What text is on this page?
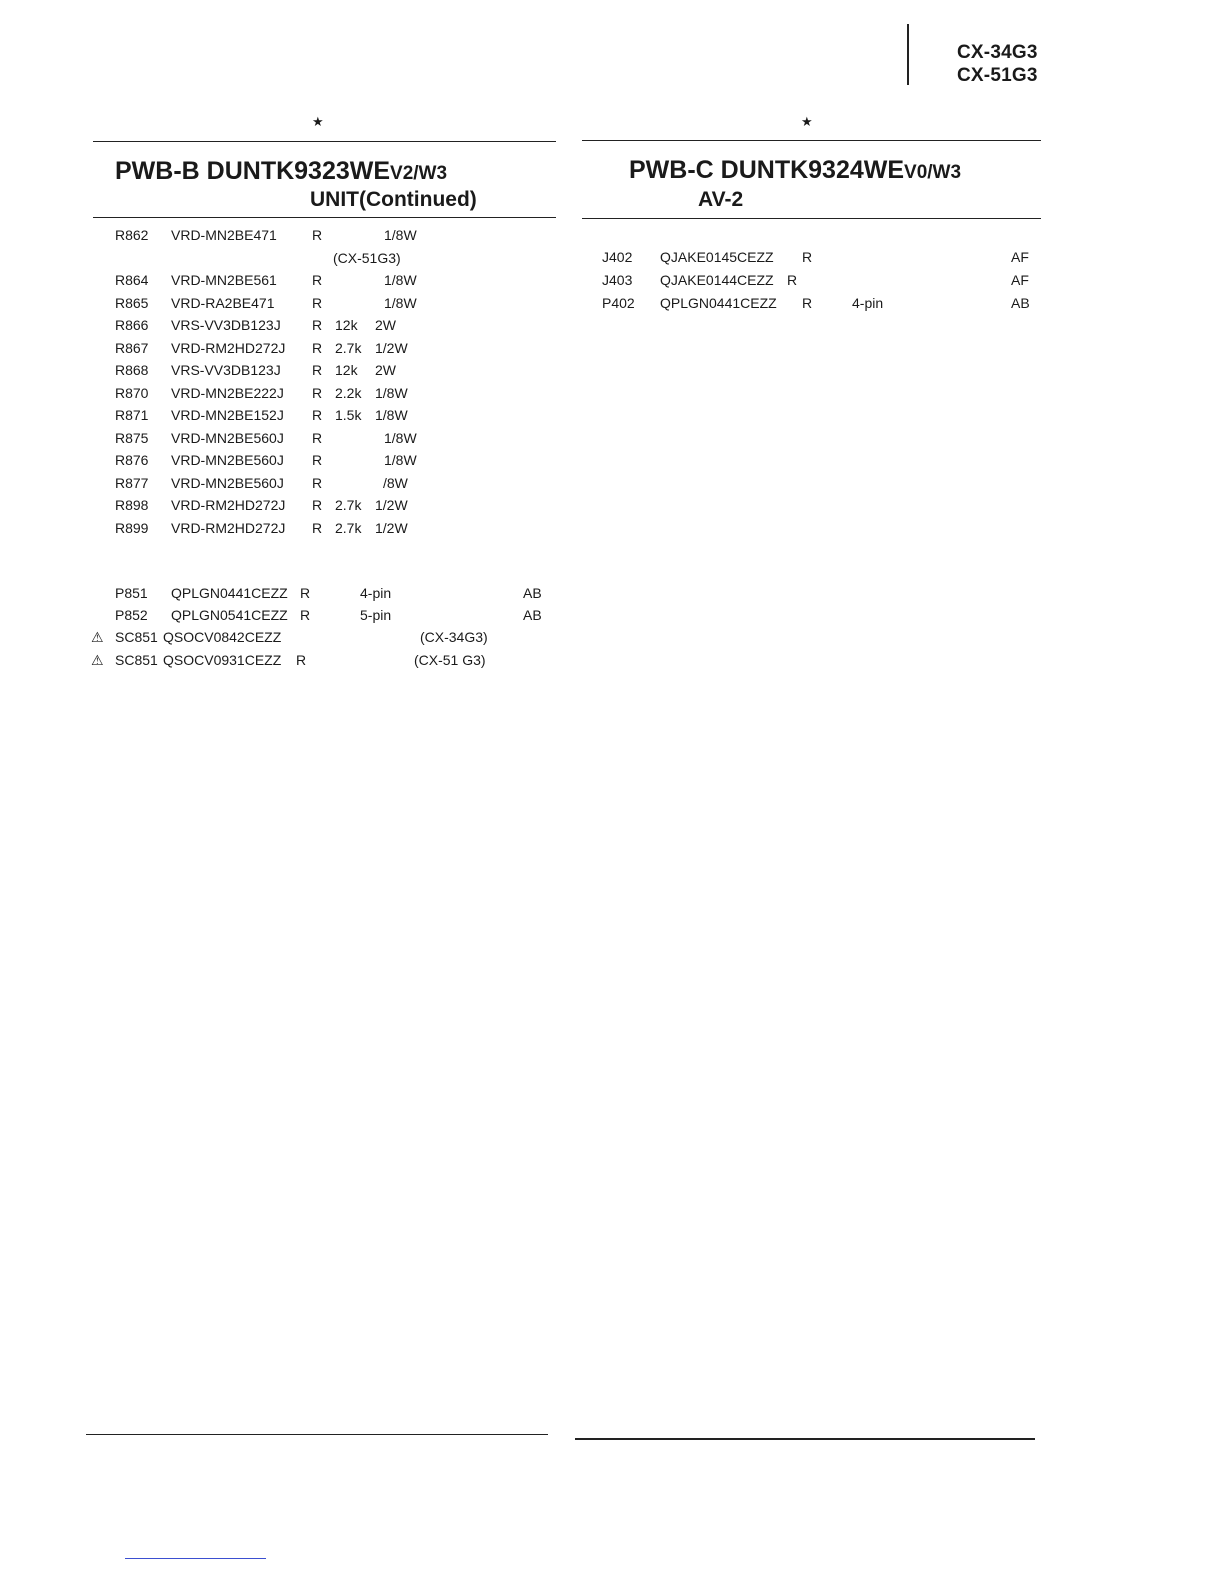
CX-34G3
CX-51G3
★
PWB-B DUNTK9323WEV2/W3
UNIT(Continued)
R862 VRD-MN2BE471	R	1/8W
(CX-51G3)
R864 VRD-MN2BE561	R	1/8W
R865 VRD-RA2BE471	R	1/8W
R866 VRS-VV3DB123J R 12k 2W
R867 VRD-RM2HD272J R 2.7k 1/2W
R868 VRS-VV3DB123J R 12k 2W
R870 VRD-MN2BE222J R 2.2k 1/8W
R871 VRD-MN2BE152J R 1.5k 1/8W
R875 VRD-MN2BE560J R	1/8W
R876 VRD-MN2BE560J R	1/8W
R877 VRD-MN2BE560J R	/8W
R898 VRD-RM2HD272J R 2.7k 1/2W
R899 VRD-RM2HD272J R 2.7k 1/2W
P851 QPLGN0441CEZZ R	4-pin	AB
P852 QPLGN0541CEZZ R	5-pin	AB
⚠ SC851 QSOCV0842CEZZ	(CX-34G3)
⚠ SC851 QSOCV0931CEZZ R	(CX-51 G3)
★
PWB-C DUNTK9324WEV0/W3
AV-2
J402 QJAKE0145CEZZ R	AF
J403 QJAKE0144CEZZ R	AF
P402 QPLGN0441CEZZ R	4-pin	AB
